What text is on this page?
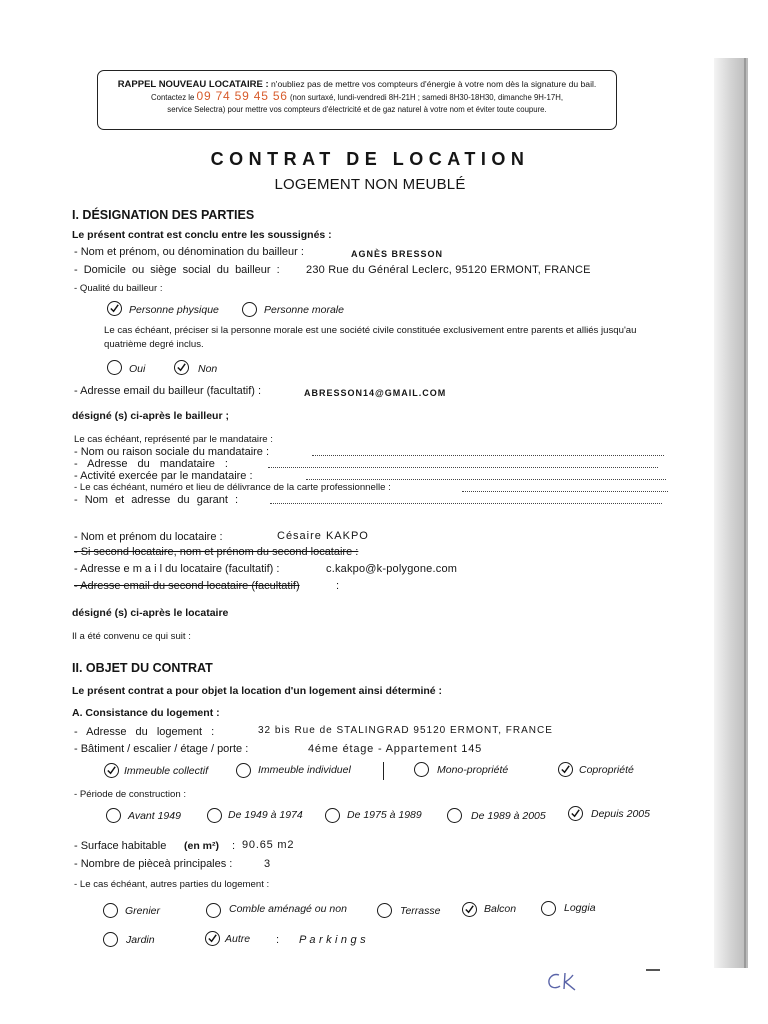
RAPPEL NOUVEAU LOCATAIRE : n'oubliez pas de mettre vos compteurs d'énergie à votre nom dès la signature du bail.
Contactez le 09 74 59 45 56 (non surtaxé, lundi-vendredi 8H-21H ; samedi 8H30-18H30, dimanche 9H-17H,
service Selectra) pour mettre vos compteurs d'électricité et de gaz naturel à votre nom et éviter toute coupure.
CONTRAT DE LOCATION
LOGEMENT NON MEUBLÉ
I. DÉSIGNATION DES PARTIES
Le présent contrat est conclu entre les soussignés :
- Nom et prénom, ou dénomination du bailleur :	AGNÈS BRESSON
- Domicile ou siège social du bailleur : 230 Rue du Général Leclerc, 95120 ERMONT, FRANCE
- Qualité du bailleur :
Personne physique	Personne morale
Le cas échéant, préciser si la personne morale est une société civile constituée exclusivement entre parents et alliés jusqu'au
quatrième degré inclus.
Oui	Non
- Adresse email du bailleur (facultatif) :	ABRESSON14@GMAIL.COM
désigné (s) ci-après le bailleur ;
Le cas échéant, représenté par le mandataire :
- Nom ou raison sociale du mandataire :
- Adresse du mandataire :
- Activité exercée par le mandataire :
- Le cas échéant, numéro et lieu de délivrance de la carte professionnelle :
- Nom et adresse du garant :
- Nom et prénom du locataire :	Césaire KAKPO
- Si second locataire, nom et prénom du second locataire :
- Adresse e m a i l du locataire (facultatif) :	c.kakpo@k-polygone.com
- Adresse email du second locataire (facultatif)	:
désigné (s) ci-après le locataire
Il a été convenu ce qui suit :
II. OBJET DU CONTRAT
Le présent contrat a pour objet la location d'un logement ainsi déterminé :
A. Consistance du logement :
- Adresse du logement :	32 bis Rue de STALINGRAD 95120 ERMONT, FRANCE
- Bâtiment / escalier / étage / porte :	4éme étage - Appartement 145
Immeuble collectif	Immeuble individuel	Mono-propriété	Copropriété
- Période de construction :
Avant 1949	De 1949 à 1974	De 1975 à 1989	De 1989 à 2005	Depuis 2005
- Surface habitable (en m²) : 90.65 m2
- Nombre de pièceà principales :	3
- Le cas échéant, autres parties du logement :
Grenier	Comble aménagé ou non	Terrasse	Balcon	Loggia
Jardin	Autre : P a r k i n g s
